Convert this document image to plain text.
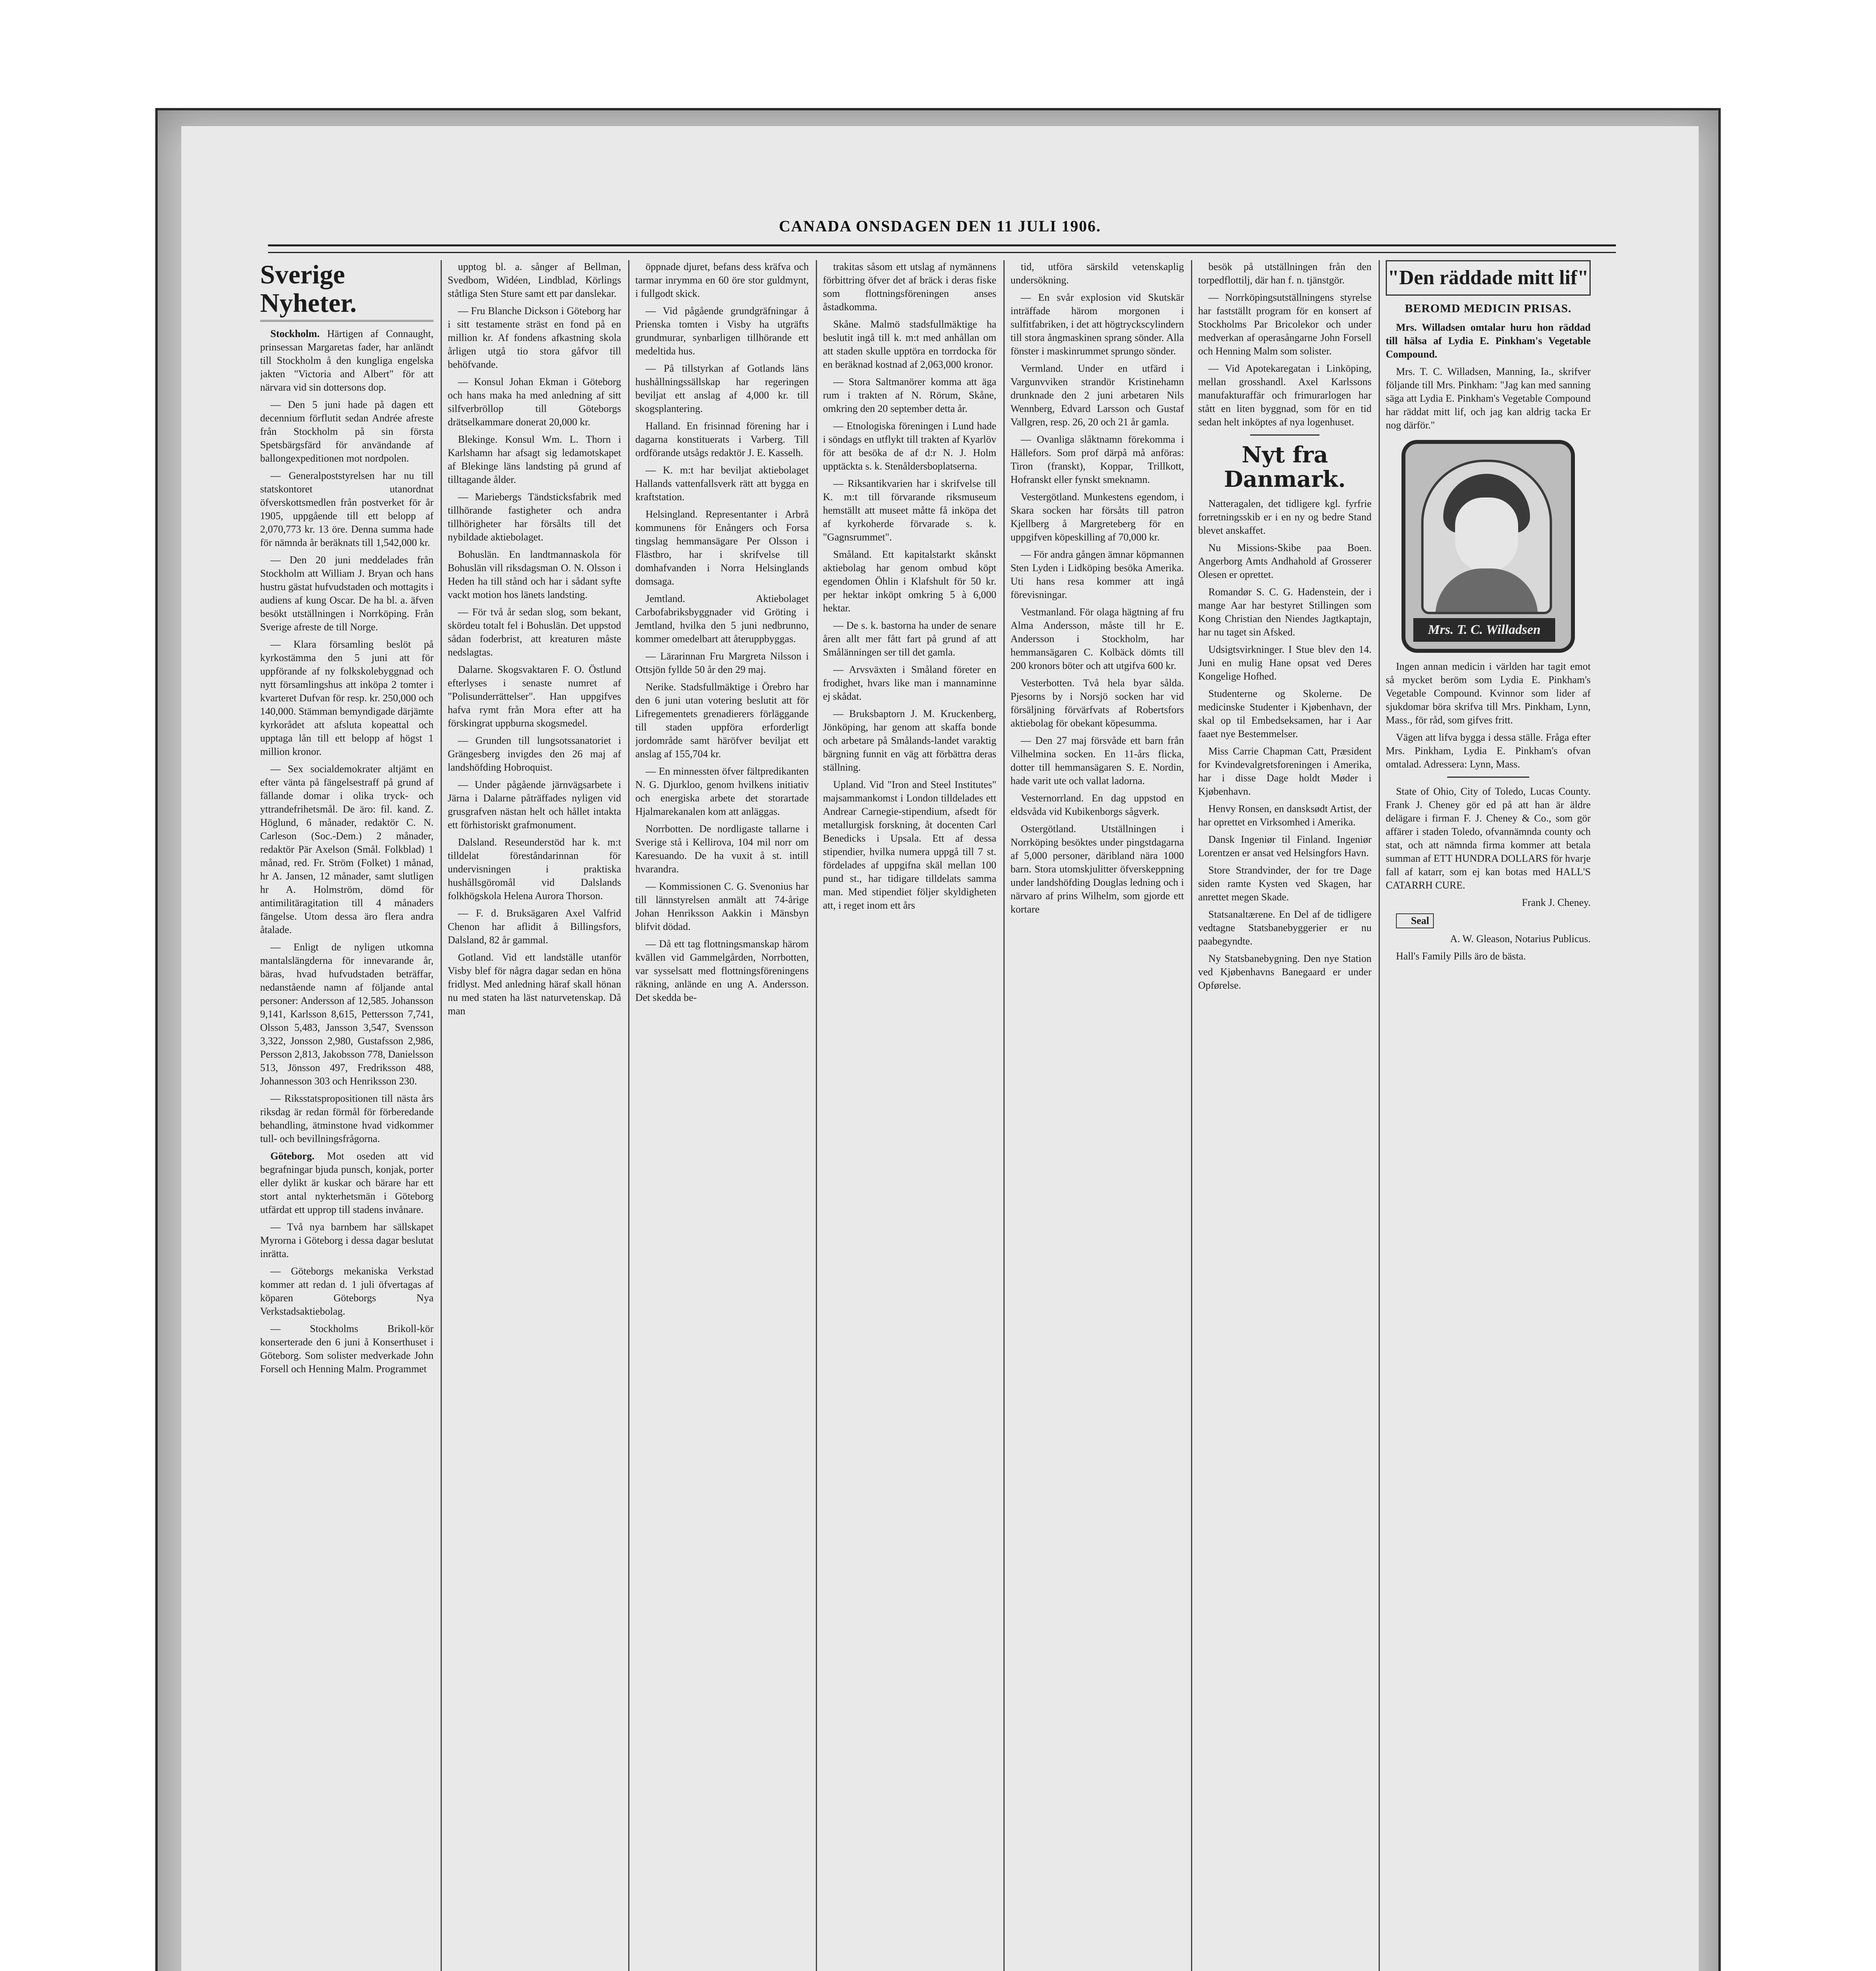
CANADA ONSDAGEN DEN 11 JULI 1906.
Sverige Nyheter.

Stockholm. Härtigen af Connaught, prinsessan Margaretas fader, har anländt till Stockholm å den kungliga engelska jakten "Victoria and Albert" för att närvara vid sin dottersons dop.

— Den 5 juni hade på dagen ett decennium förflutit sedan Andrée afreste från Stockholm på sin första Spetsbärgsfärd för användande af ballongexpeditionen mot nordpolen.

— Generalpoststyrelsen har nu till statskontoret utanordnat öfverskottsmedlen från postverket för år 1905, uppgående till ett belopp af 2,070,773 kr. 13 öre. Denna summa hade för nämnda år beräknats till 1,542,000 kr.

— Den 20 juni meddelades från Stockholm att William J. Bryan och hans hustru gästat hufvudstaden och mottagits i audiens af kung Oscar. De ha bl. a. äfven besökt utställningen i Norrköping. Från Sverige afreste de till Norge.

— Klara församling beslöt på kyrkostämma den 5 juni att för uppförande af ny folkskolebyggnad och nytt församlingshus att inköpa 2 tomter i kvarteret Dufvan för resp. kr. 250,000 och 140,000. Stämman bemyndigade därjämte kyrkorådet att afslutа kopeattal och upptaga lån till ett belopp af högst 1 million kronor.

— Sex socialdemokrater altjämt en efter vänta på fängelsestraff på grund af fällande domar i olika tryck- och yttrandefrihetsmål. De äro: fil. kand. Z. Höglund, 6 månader, redaktör C. N. Carleson (Soc.-Dem.) 2 månader, redaktör Pär Axelson (Smål. Folkblad) 1 månad, red. Fr. Ström (Folket) 1 månad, hr A. Jansen, 12 månader, samt slutligen hr A. Holmström, dömd för antimilitäragitation till 4 månaders fängelse. Utom dessa äro flera andra åtalade.

— Enligt de nyligen utkomna mantalslängderna för innevarande år, bäras, hvad hufvudstaden beträffar, nedanstående namn af följande antal personer: Andersson af 12,585. Johansson 9,141, Karlsson 8,615, Pettersson 7,741, Olsson 5,483, Jansson 3,547, Svensson 3,322, Jonsson 2,980, Gustafsson 2,986, Persson 2,813, Jakobsson 778, Danielsson 513, Jönsson 497, Fredriksson 488, Johannesson 303 och Henriksson 230.

— Riksstatspropositionen till nästa års riksdag är redan förmål för förberedande behandling, ätminstone hvad vidkommer tull- och bevillningsfrågorna.

Göteborg. Mot oseden att vid begrafningar bjuda punsch, konjak, porter eller dylikt är kuskar och bärare har ett stort antal nykterhetsmän i Göteborg utfärdat ett upprop till stadens invånare.

— Två nya barnbem har sällskapet Myrorna i Göteborg i dessa dagar beslutat inrätta.

— Göteborgs mekaniska Verkstad kommer att redan d. 1 juli öfvertagas af köparen Göteborgs Nya Verkstadsaktiebolag.

— Stockholms Brikoll-kör konserterade den 6 juni å Konserthuset i Göteborg. Som solister medverkade John Forsell och Henning Malm. Programmet

upptog bl. a. sånger af Bellman, Svedbom, Widéen, Lindblad, Körlings ståtliga Sten Sture samt ett par danslekar.

— Fru Blanche Dickson i Göteborg har i sitt testamente sträst en fond på en million kr. Af fondens afkastning skola årligen utgå tio stora gåfvor till behöfvande.

— Konsul Johan Ekman i Göteborg och hans maka ha med anledning af sitt silfverbröllop till Göteborgs drätselkammare donerat 20,000 kr.

Blekinge. Konsul Wm. L. Thorn i Karlshamn har afsagt sig ledamotskapet af Blekinge läns landsting på grund af tilltagande ålder.

— Mariebergs Tändsticksfabrik med tillhörande fastigheter och andra tillhörigheter har försålts till det nybildade aktiebolaget.

Bohuslän. En landtmannaskola för Bohuslän vill riksdagsman O. N. Olsson i Heden ha till stånd och har i sådant syfte vackt motion hos länets landsting.

— För två år sedan slog, som bekant, skördeu totalt fel i Bohuslän. Det uppstod sådan foderbrist, att kreaturen måste nedslagtas.

Dalarne. Skogsvaktaren F. O. Östlund efterlyses i senaste numret af "Polisunderrättelser". Han uppgifves hafva rymt från Mora efter att ha förskingrat uppburna skogsmedel.

— Grunden till lungsotssanatoriet i Grängesberg invigdes den 26 maj af landshöfding Hobroquist.

— Under pågående järnvägsarbete i Järna i Dalarne påträffades nyligen vid grusgrafven nästan helt och hållet intakta ett förhistoriskt grafmonument.

Dalsland. Reseunderstöd har k. m:t tilldelat föreståndarinnan för undervisningen i praktiska hushållsgöromål vid Dalslands folkhögskola Helena Aurora Thorson.

— F. d. Bruksägaren Axel Valfrid Chenon har aflidit å Billingsfors, Dalsland, 82 år gammal.

Gotland. Vid ett landställe utanför Visby blef för några dagar sedan en höna fridlyst. Med anledning häraf skall hönan nu med staten ha läst naturvetenskap. Då man

öppnade djuret, befans dess kräfva och tarmar inrymma en 60 öre stor guldmynt, i fullgodt skick.

— Vid pågående grundgräfningar å Prienska tomten i Visby ha utgräfts grundmurar, synbarligen tillhörande ett medeltida hus.

— På tillstyrkan af Gotlands läns hushållningssällskap har regeringen beviljat ett anslag af 4,000 kr. till skogsplantering.

Halland. En frisinnad förening har i dagarna konstituerats i Varberg. Till ordförande utsågs redaktör J. E. Kasselh.

— K. m:t har beviljat aktiebolaget Hallands vattenfallsverk rätt att bygga en kraftstation.

Helsingland. Representanter i Arbrå kommunens för Enångers och Forsa tingslag hemmansägare Per Olsson i Flästbro, har i skrifvelse till domhafvanden i Norra Helsinglands domsaga.

Jemtland. Aktiebolaget Carbofabriksbyggnader vid Gröting i Jemtland, hvilka den 5 juni nedbrunno, kommer omedelbart att återuppbyggas.

— Lärarinnan Fru Margreta Nilsson i Ottsjön fyllde 50 år den 29 maj.

Nerike. Stadsfullmäktige i Örebro har den 6 juni utan votering beslutit att för Lifregementets grenadierers förläggande till staden uppföra erforderligt jordområde samt häröfver beviljat ett anslag af 155,704 kr.

— En minnessten öfver fältpredikanten N. G. Djurkloo, genom hvilkens initiativ och energiska arbete det storartade Hjalmarekanalen kom att anläggas.

Norrbotten. De nordligaste tallarne i Sverige stå i Kellirova, 104 mil norr om Karesuando. De ha vuxit å st. intill hvarandra.

— Kommissionen C. G. Svenonius har till lännstyrelsen anmält att 74-årige Johan Henriksson Aakkin i Mänsbyn blifvit dödad.

— Då ett tag flottningsmanskap härom kvällen vid Gammelgården, Norrbotten, var sysselsatt med flottningsföreningens räkning, anlände en ung A. Andersson. Det skedda be-

trakitas såsom ett utslag af nymännens förbittring öfver det af bräck i deras fiske som flottningsföreningen anses åstadkomma.

Skåne. Malmö stadsfullmäktige ha beslutit ingå till k. m:t med anhållan om att staden skulle upptöra en torrdocka för en beräknad kostnad af 2,063,000 kronor.

— Stora Saltmanörer komma att äga rum i trakten af N. Rörum, Skåne, omkring den 20 september detta år.

— Etnologiska föreningen i Lund hade i söndags en utflykt till trakten af Kyarlöv för att besöka de af d:r N. J. Holm upptäckta s. k. Stenåldersboplatserna.

— Riksantikvarien har i skrifvelse till K. m:t till förvarande riksmuseum hemställt att museet måtte få inköpa det af kyrkoherde förvarade s. k. "Gagnsrummet".

Småland. Ett kapitalstarkt skånskt aktiebolag har genom ombud köpt egendomen Öhlin i Klafshult för 50 kr. per hektar inköpt omkring 5 à 6,000 hektar.

— De s. k. bastorna ha under de senare åren allt mer fått fart på grund af att Smålänningen ser till det gamla.

— Arvsväxten i Småland företer en frodighet, hvars like man i mannaminne ej skådat.

— Bruksbaptorn J. M. Kruckenberg, Jönköping, har genom att skaffa bonde och arbetare på Smålands-landet varaktig bärgning funnit en väg att förbättra deras ställning.

Upland. Vid "Iron and Steel Institutes" majsammankomst i London tilldelades ett Andrear Carnegie-stipendium, afsedt för metallurgisk forskning, åt docenten Carl Benedicks i Upsala. Ett af dessa stipendier, hvilka numera uppgå till 7 st. fördelades af uppgifna skäl mellan 100 pund st., har tidigare tilldelats samma man. Med stipendiet följer skyldigheten att, i reget inom ett års

tid, utföra särskild vetenskaplig undersökning.

— En svår explosion vid Skutskär inträffade härom morgonen i sulfitfabriken, i det att högtryckscylindern till stora ångmaskinen sprang sönder. Alla fönster i maskinrummet sprungo sönder.

Vermland. Under en utfärd i Vargunvviken strandör Kristinehamn drunknade den 2 juni arbetaren Nils Wennberg, Edvard Larsson och Gustaf Vallgren, resp. 26, 20 och 21 år gamla.

— Ovanliga slåktnamn förekomma i Hällefors. Som prof därpå må anföras: Tiron (franskt), Koppar, Trillkott, Hofranskt eller fynskt smeknamn.

Vestergötland. Munkestens egendom, i Skara socken har försåts till patron Kjellberg å Margreteberg för en uppgifven köpeskilling af 70,000 kr.

— För andra gången ämnar köpmannen Sten Lyden i Lidköping besöka Amerika. Uti hans resa kommer att ingå förevisningar.

Vestmanland. För olaga hägtning af fru Alma Andersson, måste till hr E. Andersson i Stockholm, har hemmansägaren C. Kolbäck dömts till 200 kronors böter och att utgifva 600 kr.

Vesterbotten. Två hela byar sålda. Pjesorns by i Norsjö socken har vid försäljning förvärfvats af Robertsfors aktiebolag för obekant köpesumma.

— Den 27 maj försvåde ett barn från Vilhelmina socken. En 11-års flicka, dotter till hemmansägaren S. E. Nordin, hade varit ute och vallat ladorna.

Vesternorrland. En dag uppstod en eldsvåda vid Kubikenborgs sågverk.

Ostergötland. Utställningen i Norrköping besöktes under pingstdagarna af 5,000 personer, däribland nära 1000 barn. Stora utomskjulitter öfverskeppning under landshöfding Douglas ledning och i närvaro af prins Wilhelm, som gjorde ett kortare

besök på utställningen från den torpedflottilj, där han f. n. tjänstgör.

— Norrköpingsutställningens styrelse har fastställt program för en konsert af Stockholms Par Bricolekor och under medverkan af operasångarne John Forsell och Henning Malm som solister.

— Vid Apotekaregatan i Linköping, mellan grosshandl. Axel Karlssons manufakturaffär och frimurarlogen har stått en liten byggnad, som för en tid sedan helt inköptes af nya logenhuset.

Nyt fra Danmark.

Natteragalen, det tidligere kgl. fyrfrie forretningsskib er i en ny og bedre Stand blevet anskaffet.

Nu Missions-Skibe paa Boen. Angerborg Amts Andhahold af Grosserer Olesen er oprettet.

Romandør S. C. G. Hadenstein, der i mange Aar har bestyret Stillingen som Kong Christian den Niendes Jagtkaptajn, har nu taget sin Afsked.

Udsigtsvirkninger. I Stue blev den 14. Juni en mulig Hane opsat ved Deres Kongelige Hofhed.

Studenterne og Skolerne. De medicinske Studenter i Kjøbenhavn, der skal op til Embedseksamen, har i Aar faaet nye Bestemmelser.

Miss Carrie Chapman Catt, Præsident for Kvindevalgretsforeningen i Amerika, har i disse Dage holdt Møder i Kjøbenhavn.

Henvy Ronsen, en dansksødt Artist, der har oprettet en Virksomhed i Amerika.

Dansk Ingeniør til Finland. Ingeniør Lorentzen er ansat ved Helsingfors Havn.

Store Strandvinder, der for tre Dage siden ramte Kysten ved Skagen, har anrettet megen Skade.

Statsanaltærene. En Del af de tidligere vedtagne Statsbanebyggerier er nu paabegyndte.

Ny Statsbanebygning. Den nye Station ved Kjøbenhavns Banegaard er under Opførelse.

"Den räddade mitt lif"
BEROMD MEDICIN PRISAS.

Mrs. Willadsen omtalar huru hon räddad till hälsa af Lydia E. Pinkham's Vegetable Compound.

Mrs. T. C. Willadsen, Manning, Ia., skrifver följande till Mrs. Pinkham: "Jag kan med sanning säga att Lydia E. Pinkham's Vegetable Compound har räddat mitt lif, och jag kan aldrig tacka Er nog därför."

Mrs. T. C. Willadsen

Ingen annan medicin i världen har tagit emot så mycket beröm som Lydia E. Pinkham's Vegetable Compound. Kvinnor som lider af sjukdomar böra skrifva till Mrs. Pinkham, Lynn, Mass., för råd, som gifves fritt.

Vägen att lifva bygga i dessa ställe. Fråga efter Mrs. Pinkham, Lydia E. Pinkham's ofvan omtalad. Adressera: Lynn, Mass.

State of Ohio, City of Toledo, Lucas County. Frank J. Cheney gör ed på att han är äldre delägare i firman F. J. Cheney & Co., som gör affärer i staden Toledo, ofvannämnda county och stat, och att nämnda firma kommer att betala summan af ETT HUNDRA DOLLARS för hvarje fall af katarr, som ej kan botas med HALL'S CATARRH CURE.

Frank J. Cheney.

Seal

A. W. Gleason, Notarius Publicus.

Hall's Family Pills äro de bästa.
